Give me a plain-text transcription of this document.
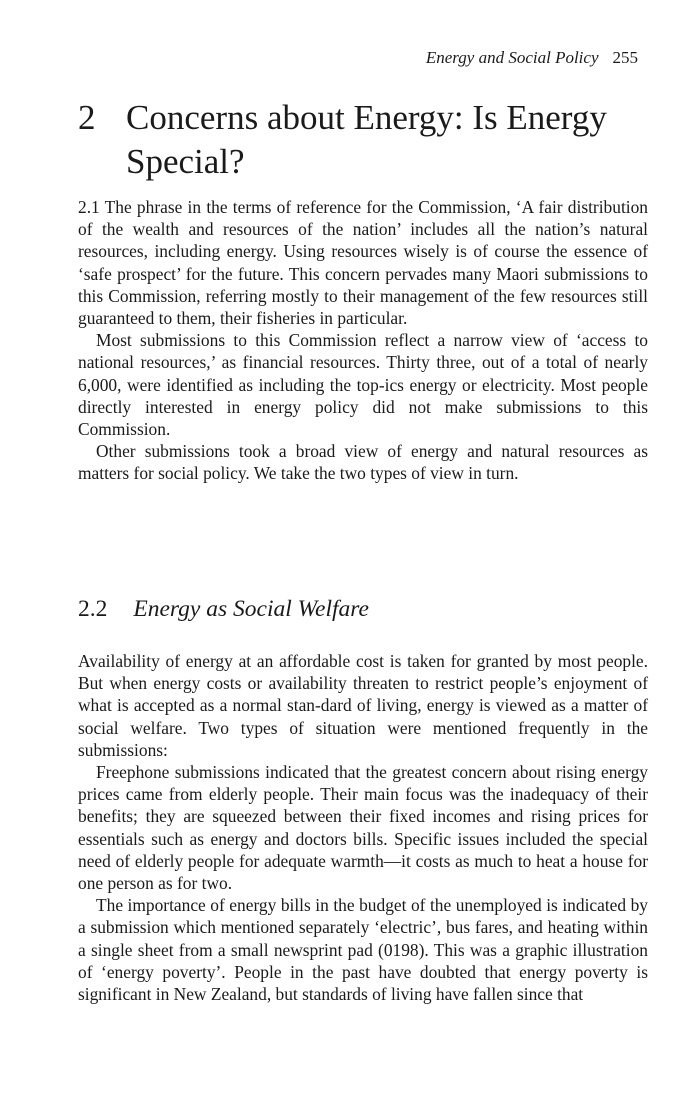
Energy and Social Policy 255
2 Concerns about Energy: Is Energy Special?

2.1 The phrase in the terms of reference for the Commission, ‘A fair distribution of the wealth and resources of the nation’ includes all the nation’s natural resources, including energy. Using resources wisely is of course the essence of ‘safe prospect’ for the future. This concern pervades many Maori submissions to this Commission, referring mostly to their management of the few resources still guaranteed to them, their fisheries in particular.

Most submissions to this Commission reflect a narrow view of ‘access to national resources,’ as financial resources. Thirty three, out of a total of nearly 6,000, were identified as including the top-ics energy or electricity. Most people directly interested in energy policy did not make submissions to this Commission.

Other submissions took a broad view of energy and natural resources as matters for social policy. We take the two types of view in turn.

2.2 Energy as Social Welfare

Availability of energy at an affordable cost is taken for granted by most people. But when energy costs or availability threaten to restrict people’s enjoyment of what is accepted as a normal stan-dard of living, energy is viewed as a matter of social welfare. Two types of situation were mentioned frequently in the submissions:

Freephone submissions indicated that the greatest concern about rising energy prices came from elderly people. Their main focus was the inadequacy of their benefits; they are squeezed between their fixed incomes and rising prices for essentials such as energy and doctors bills. Specific issues included the special need of elderly people for adequate warmth—it costs as much to heat a house for one person as for two.

The importance of energy bills in the budget of the unemployed is indicated by a submission which mentioned separately ‘electric’, bus fares, and heating within a single sheet from a small newsprint pad (0198). This was a graphic illustration of ‘energy poverty’. People in the past have doubted that energy poverty is significant in New Zealand, but standards of living have fallen since that
